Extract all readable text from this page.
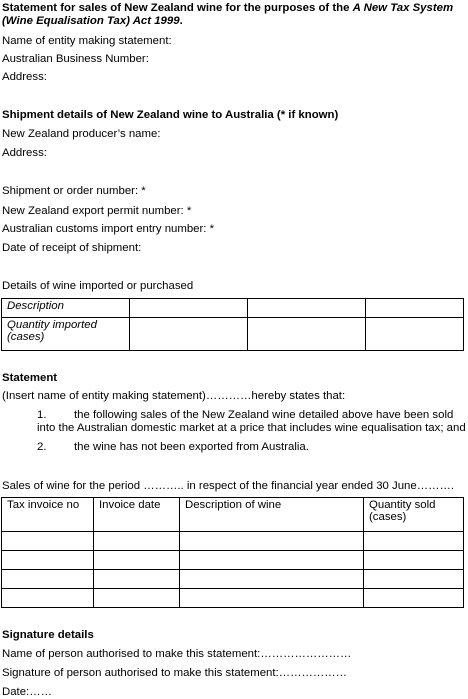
Statement for sales of New Zealand wine for the purposes of the A New Tax System
(Wine Equalisation Tax) Act 1999.
Name of entity making statement:
Australian Business Number:
Address:
Shipment details of New Zealand wine to Australia (* if known)
New Zealand producer’s name:
Address:
Shipment or order number: *
New Zealand export permit number: *
Australian customs import entry number: *
Date of receipt of shipment:
Details of wine imported or purchased
Description			
Quantity imported (cases)			
Statement
(Insert name of entity making statement)…………hereby states that:
1. the following sales of the New Zealand wine detailed above have been sold
into the Australian domestic market at a price that includes wine equalisation tax; and
2. the wine has not been exported from Australia.
Sales of wine for the period ……….. in respect of the financial year ended 30 June……….
Tax invoice no	Invoice date	Description of wine	Quantity sold (cases)

Signature details
Name of person authorised to make this statement:……………………
Signature of person authorised to make this statement:………………
Date:……
